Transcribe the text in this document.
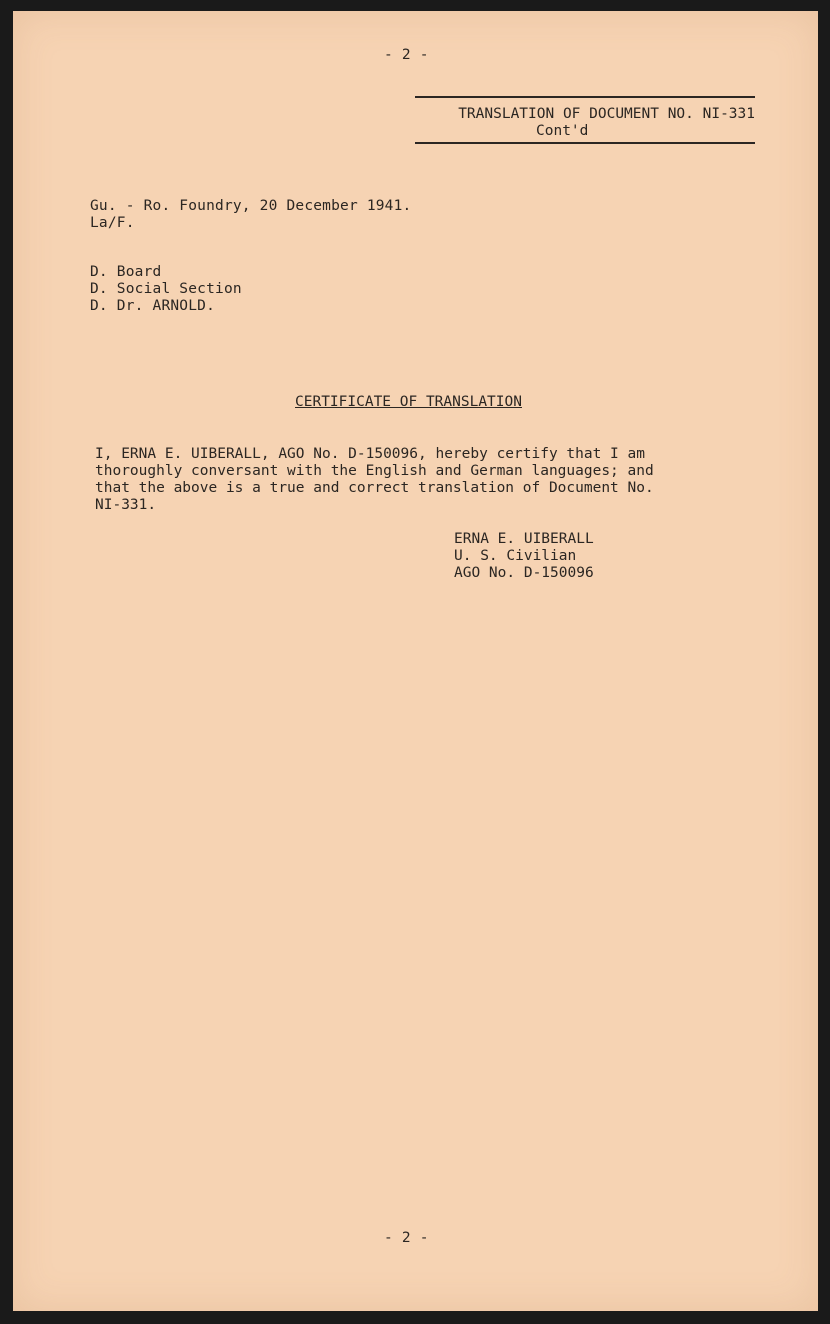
- 2 -
TRANSLATION OF DOCUMENT NO. NI-331
Cont'd
Gu. - Ro. Foundry, 20 December 1941.
La/F.
D. Board
D. Social Section
D. Dr. ARNOLD.
CERTIFICATE OF TRANSLATION
I, ERNA E. UIBERALL, AGO No. D-150096, hereby certify that I am
thoroughly conversant with the English and German languages; and
that the above is a true and correct translation of Document No.
NI-331.
ERNA E. UIBERALL
U. S. Civilian
AGO No. D-150096
- 2 -
